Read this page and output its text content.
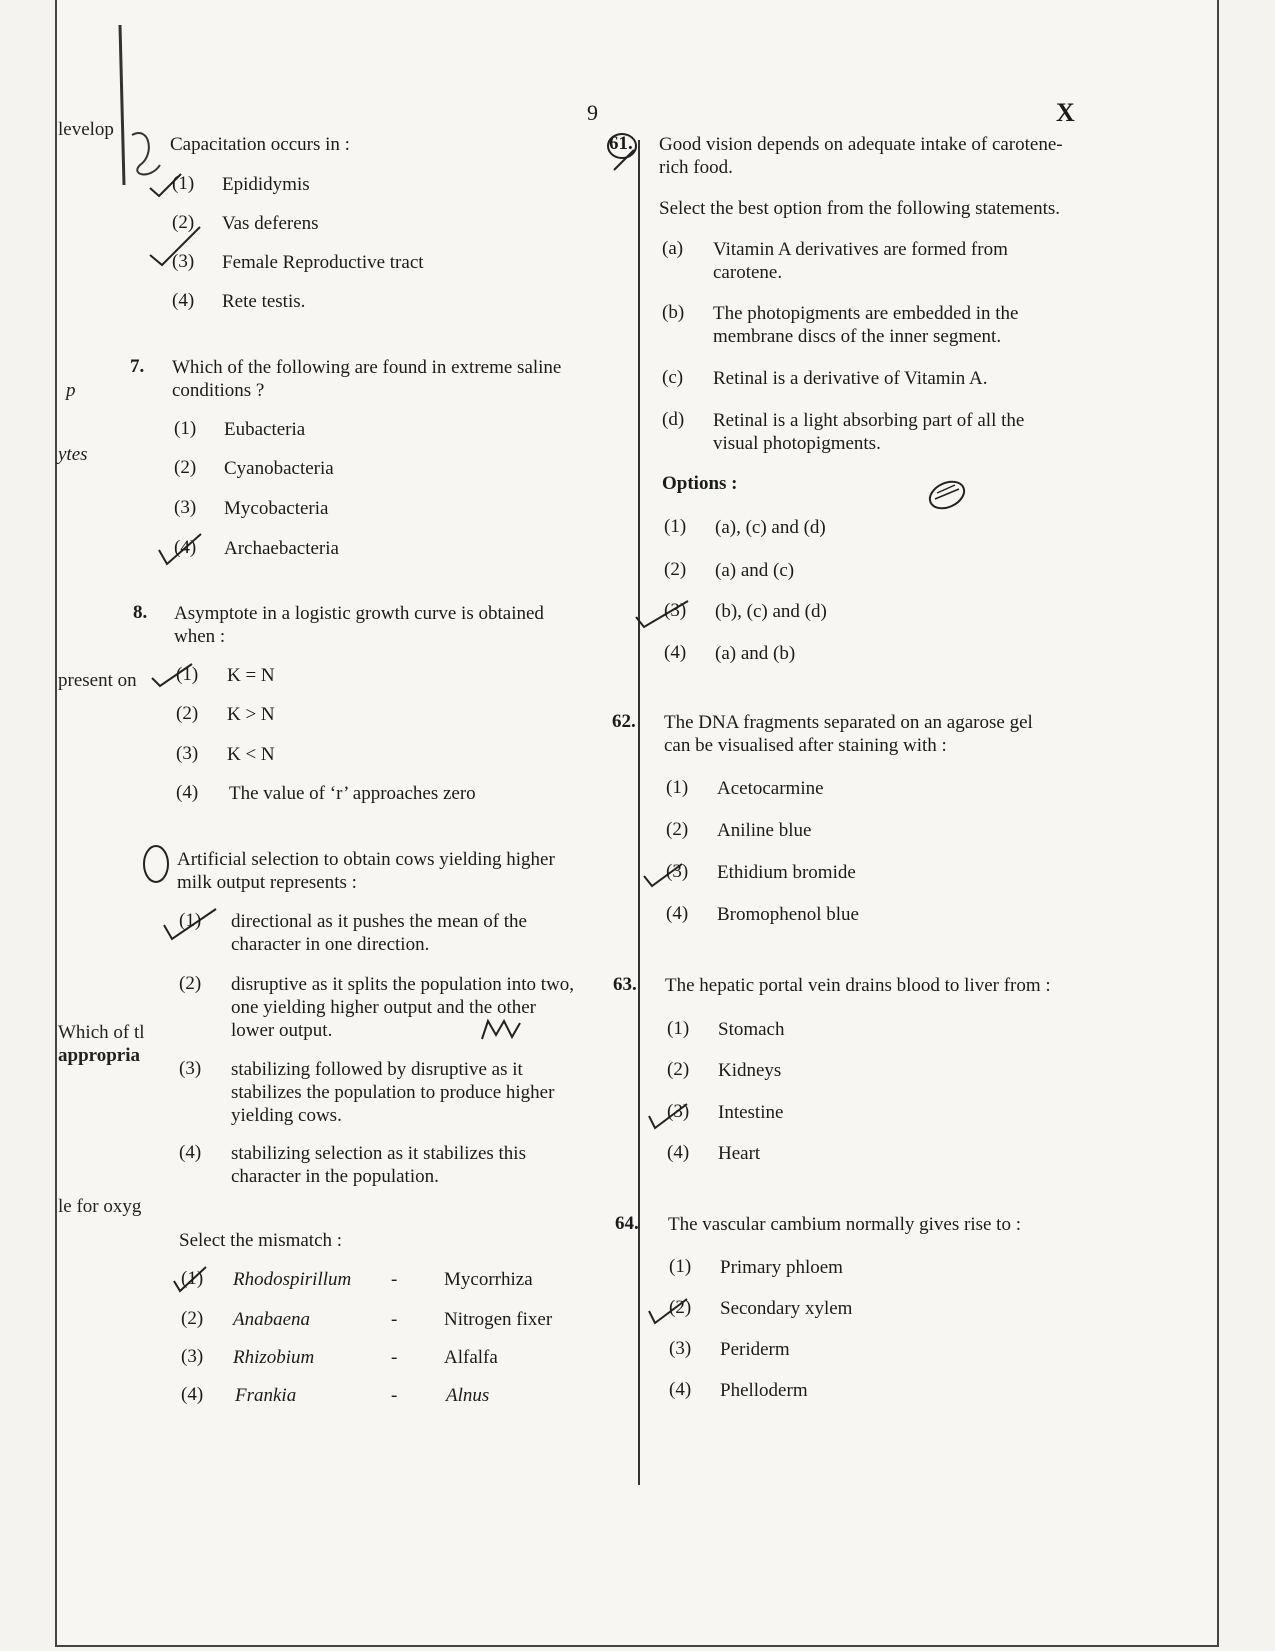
levelop
p
ytes
present on
Which of tl
appropria
le for oxyg
9	X
Capacitation occurs in :
(1) Epididymis
(2) Vas deferens
(3) Female Reproductive tract
(4) Rete testis.
7. Which of the following are found in extreme saline
conditions ?
(1) Eubacteria
(2) Cyanobacteria
(3) Mycobacteria
(4) Archaebacteria
8. Asymptote in a logistic growth curve is obtained
when :
(1) K = N
(2) K > N
(3) K < N
(4) The value of ‘r’ approaches zero
Artificial selection to obtain cows yielding higher
milk output represents :
(1) directional as it pushes the mean of the
character in one direction.
(2) disruptive as it splits the population into two,
one yielding higher output and the other
lower output.
(3) stabilizing followed by disruptive as it
stabilizes the population to produce higher
yielding cows.
(4) stabilizing selection as it stabilizes this
character in the population.
Select the mismatch :
(1) Rhodospirillum - Mycorrhiza
(2) Anabaena	- Nitrogen fixer
(3) Rhizobium	- Alfalfa
(4) Frankia	-	Alnus
61. Good vision depends on adequate intake of carotene-
rich food.
Select the best option from the following statements.
(a) Vitamin A derivatives are formed from
carotene.
(b) The photopigments are embedded in the
membrane discs of the inner segment.
(c) Retinal is a derivative of Vitamin A.
(d) Retinal is a light absorbing part of all the
visual photopigments.
Options :
(1) (a), (c) and (d)
(2) (a) and (c)
(3) (b), (c) and (d)
(4) (a) and (b)
62. The DNA fragments separated on an agarose gel
can be visualised after staining with :
(1) Acetocarmine
(2) Aniline blue
(3) Ethidium bromide
(4) Bromophenol blue
63. The hepatic portal vein drains blood to liver from :
(1) Stomach
(2) Kidneys
(3) Intestine
(4) Heart
64. The vascular cambium normally gives rise to :
(1) Primary phloem
(2) Secondary xylem
(3) Periderm
(4) Phelloderm
